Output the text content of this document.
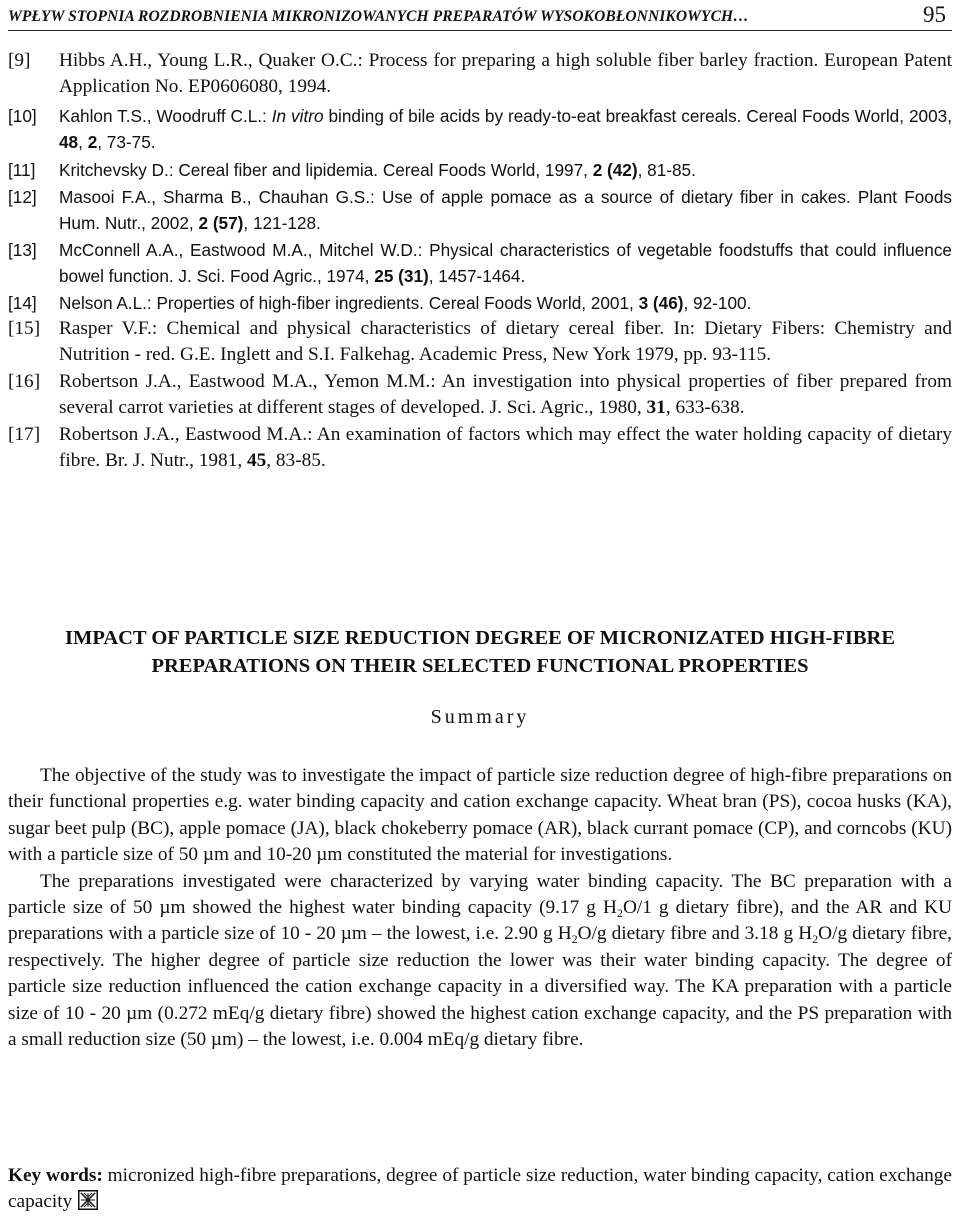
WPŁYW STOPNIA ROZDROBNIENIA MIKRONIZOWANYCH PREPARATÓW WYSOKOBŁONNIKOWYCH…	95
[9] Hibbs A.H., Young L.R., Quaker O.C.: Process for preparing a high soluble fiber barley fraction. European Patent Application No. EP0606080, 1994.
[10] Kahlon T.S., Woodruff C.L.: In vitro binding of bile acids by ready-to-eat breakfast cereals. Cereal Foods World, 2003, 48, 2, 73-75.
[11] Kritchevsky D.: Cereal fiber and lipidemia. Cereal Foods World, 1997, 2 (42), 81-85.
[12] Masooi F.A., Sharma B., Chauhan G.S.: Use of apple pomace as a source of dietary fiber in cakes. Plant Foods Hum. Nutr., 2002, 2 (57), 121-128.
[13] McConnell A.A., Eastwood M.A., Mitchel W.D.: Physical characteristics of vegetable foodstuffs that could influence bowel function. J. Sci. Food Agric., 1974, 25 (31), 1457-1464.
[14] Nelson A.L.: Properties of high-fiber ingredients. Cereal Foods World, 2001, 3 (46), 92-100.
[15] Rasper V.F.: Chemical and physical characteristics of dietary cereal fiber. In: Dietary Fibers: Chemistry and Nutrition - red. G.E. Inglett and S.I. Falkehag. Academic Press, New York 1979, pp. 93-115.
[16] Robertson J.A., Eastwood M.A., Yemon M.M.: An investigation into physical properties of fiber prepared from several carrot varieties at different stages of developed. J. Sci. Agric., 1980, 31, 633-638.
[17] Robertson J.A., Eastwood M.A.: An examination of factors which may effect the water holding capacity of dietary fibre. Br. J. Nutr., 1981, 45, 83-85.
IMPACT OF PARTICLE SIZE REDUCTION DEGREE OF MICRONIZATED HIGH-FIBRE
PREPARATIONS ON THEIR SELECTED FUNCTIONAL PROPERTIES
Summary

The objective of the study was to investigate the impact of particle size reduction degree of high-fibre preparations on their functional properties e.g. water binding capacity and cation exchange capacity. Wheat bran (PS), cocoa husks (KA), sugar beet pulp (BC), apple pomace (JA), black chokeberry pomace (AR), black currant pomace (CP), and corncobs (KU) with a particle size of 50 µm and 10-20 µm constituted the material for investigations.

The preparations investigated were characterized by varying water binding capacity. The BC preparation with a particle size of 50 µm showed the highest water binding capacity (9.17 g $H_2O/1$ g dietary fibre), and the AR and KU preparations with a particle size of 10 - 20 µm – the lowest, i.e. 2.90 g $H_2O/g$ dietary fibre and 3.18 g $H_2O/g$ dietary fibre, respectively. The higher degree of particle size reduction the lower was their water binding capacity. The degree of particle size reduction influenced the cation exchange capacity in a diversified way. The KA preparation with a particle size of 10 - 20 µm (0.272 mEq/g dietary fibre) showed the highest cation exchange capacity, and the PS preparation with a small reduction size (50 µm) – the lowest, i.e. 0.004 mEq/g dietary fibre.

Key words: micronized high-fibre preparations, degree of particle size reduction, water binding capacity, cation exchange capacity
